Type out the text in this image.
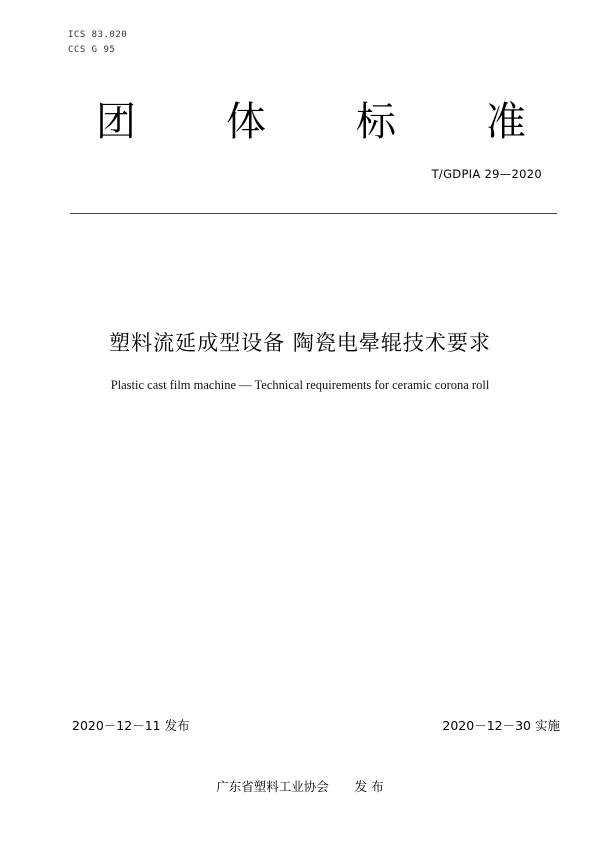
ICS 83.020
CCS G 95
团 体 标 准
T/GDPIA 29—2020
塑料流延成型设备 陶瓷电晕辊技术要求
Plastic cast film machine — Technical requirements for ceramic corona roll
2020－12－11 发布	2020－12－30 实施
广东省塑料工业协会 发 布
